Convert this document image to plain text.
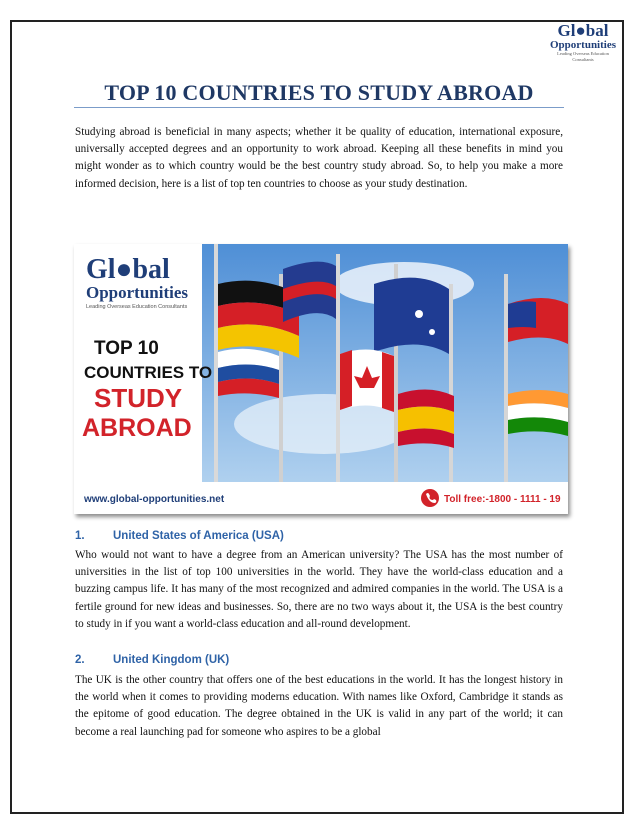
Gl●bal
Opportunities
Leading Overseas Education Consultants
TOP 10 COUNTRIES TO STUDY ABROAD
Studying abroad is beneficial in many aspects; whether it be quality of education, international exposure, universally accepted degrees and an opportunity to work abroad. Keeping all these benefits in mind you might wonder as to which country would be the best country study abroad. So, to help you make a more informed decision, here is a list of top ten countries to choose as your study destination.
Gl●bal
Opportunities
Leading Overseas Education Consultants
TOP 10
COUNTRIES TO
STUDY
ABROAD
www.global-opportunities.net	Toll free:-1800 - 1111 - 19
1. United States of America (USA)
Who would not want to have a degree from an American university? The USA has the most number of universities in the list of top 100 universities in the world. They have the world-class education and a buzzing campus life. It has many of the most recognized and admired companies in the world. The USA is a fertile ground for new ideas and businesses. So, there are no two ways about it, the USA is the best country to study in if you want a world-class education and all-round development.
2. United Kingdom (UK)
The UK is the other country that offers one of the best educations in the world. It has the longest history in the world when it comes to providing moderns education. With names like Oxford, Cambridge it stands as the epitome of good education. The degree obtained in the UK is valid in any part of the world; it can become a real launching pad for someone who aspires to be a global
